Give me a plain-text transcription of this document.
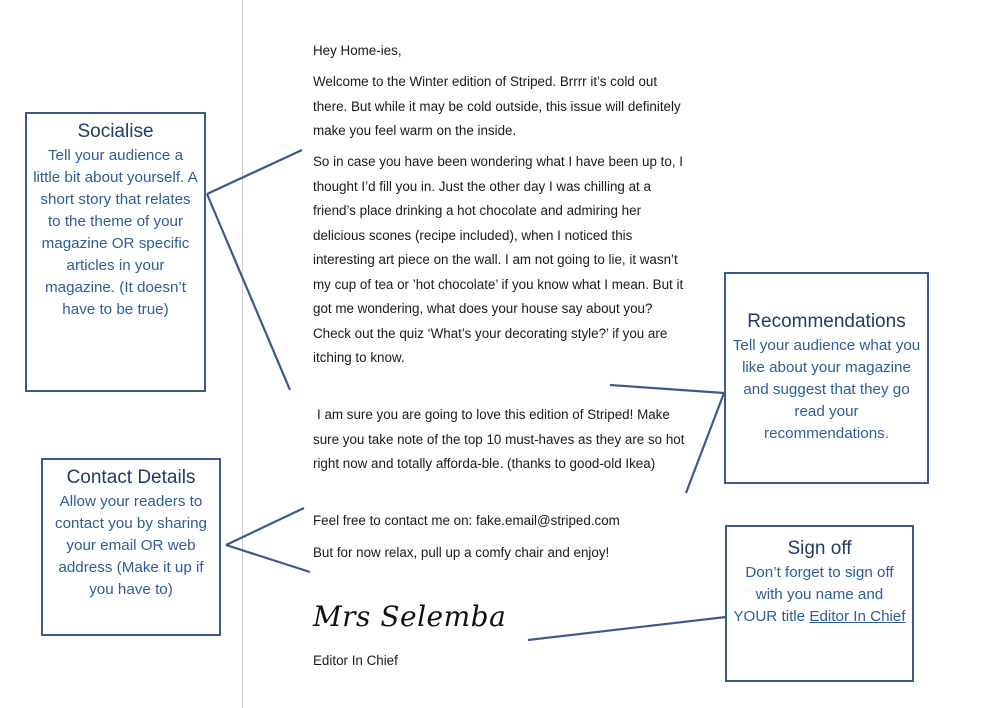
Hey Home-ies,

Welcome to the Winter edition of Striped. Brrrr it’s cold out there. But while it may be cold outside, this issue will definitely make you feel warm on the inside.

So in case you have been wondering what I have been up to, I thought I’d fill you in. Just the other day I was chilling at a friend’s place drinking a hot chocolate and admiring her delicious scones (recipe included), when I noticed this interesting art piece on the wall. I am not going to lie, it wasn’t my cup of tea or ’hot chocolate’ if you know what I mean. But it got me wondering, what does your house say about you? Check out the quiz ‘What’s your decorating style?’ if you are itching to know.

I am sure you are going to love this edition of Striped! Make sure you take note of the top 10 must-haves as they are so hot right now and totally afforda-ble. (thanks to good-old Ikea)

Feel free to contact me on: fake.email@striped.com

But for now relax, pull up a comfy chair and enjoy!

Mrs Selemba

Editor In Chief

Socialise
Tell your audience a little bit about yourself. A short story that relates to the theme of your magazine OR specific articles in your magazine. (It doesn’t have to be true)
Contact Details
Allow your readers to contact you by sharing your email OR web address (Make it up if you have to)
Recommendations
Tell your audience what you like about your magazine and suggest that they go read your recommendations.
Sign off
Don’t forget to sign off with you name and YOUR title Editor In Chief
